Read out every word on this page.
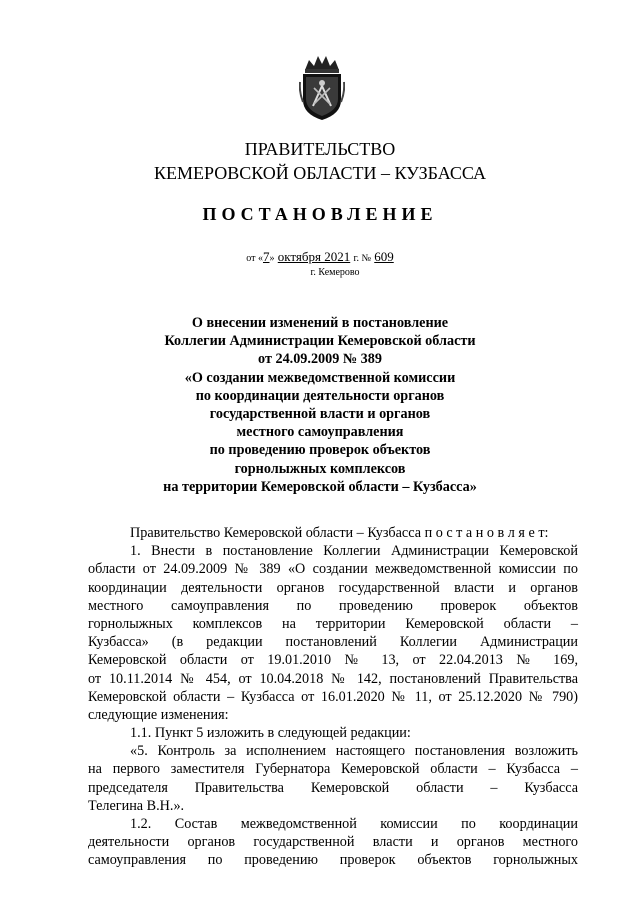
ПРАВИТЕЛЬСТВО
КЕМЕРОВСКОЙ ОБЛАСТИ – КУЗБАССА
ПОСТАНОВЛЕНИЕ
от «7» октября 2021 г. № 609
г. Кемерово
О внесении изменений в постановление
Коллегии Администрации Кемеровской области
от 24.09.2009 № 389
«О создании межведомственной комиссии
по координации деятельности органов
государственной власти и органов
местного самоуправления
по проведению проверок объектов
горнолыжных комплексов
на территории Кемеровской области – Кузбасса»
Правительство Кемеровской области – Кузбасса п о с т а н о в л я е т:
1. Внести в постановление Коллегии Администрации Кемеровской
области от 24.09.2009 № 389 «О создании межведомственной комиссии по
координации деятельности органов государственной власти и органов
местного самоуправления по проведению проверок объектов
горнолыжных комплексов на территории Кемеровской области –
Кузбасса» (в редакции постановлений Коллегии Администрации
Кемеровской области от 19.01.2010 № 13, от 22.04.2013 № 169,
от 10.11.2014 № 454, от 10.04.2018 № 142, постановлений Правительства
Кемеровской области – Кузбасса от 16.01.2020 № 11, от 25.12.2020 № 790)
следующие изменения:
1.1. Пункт 5 изложить в следующей редакции:
«5. Контроль за исполнением настоящего постановления возложить
на первого заместителя Губернатора Кемеровской области – Кузбасса –
председателя Правительства Кемеровской области – Кузбасса
Телегина В.Н.».
1.2. Состав межведомственной комиссии по координации
деятельности органов государственной власти и органов местного
самоуправления по проведению проверок объектов горнолыжных
